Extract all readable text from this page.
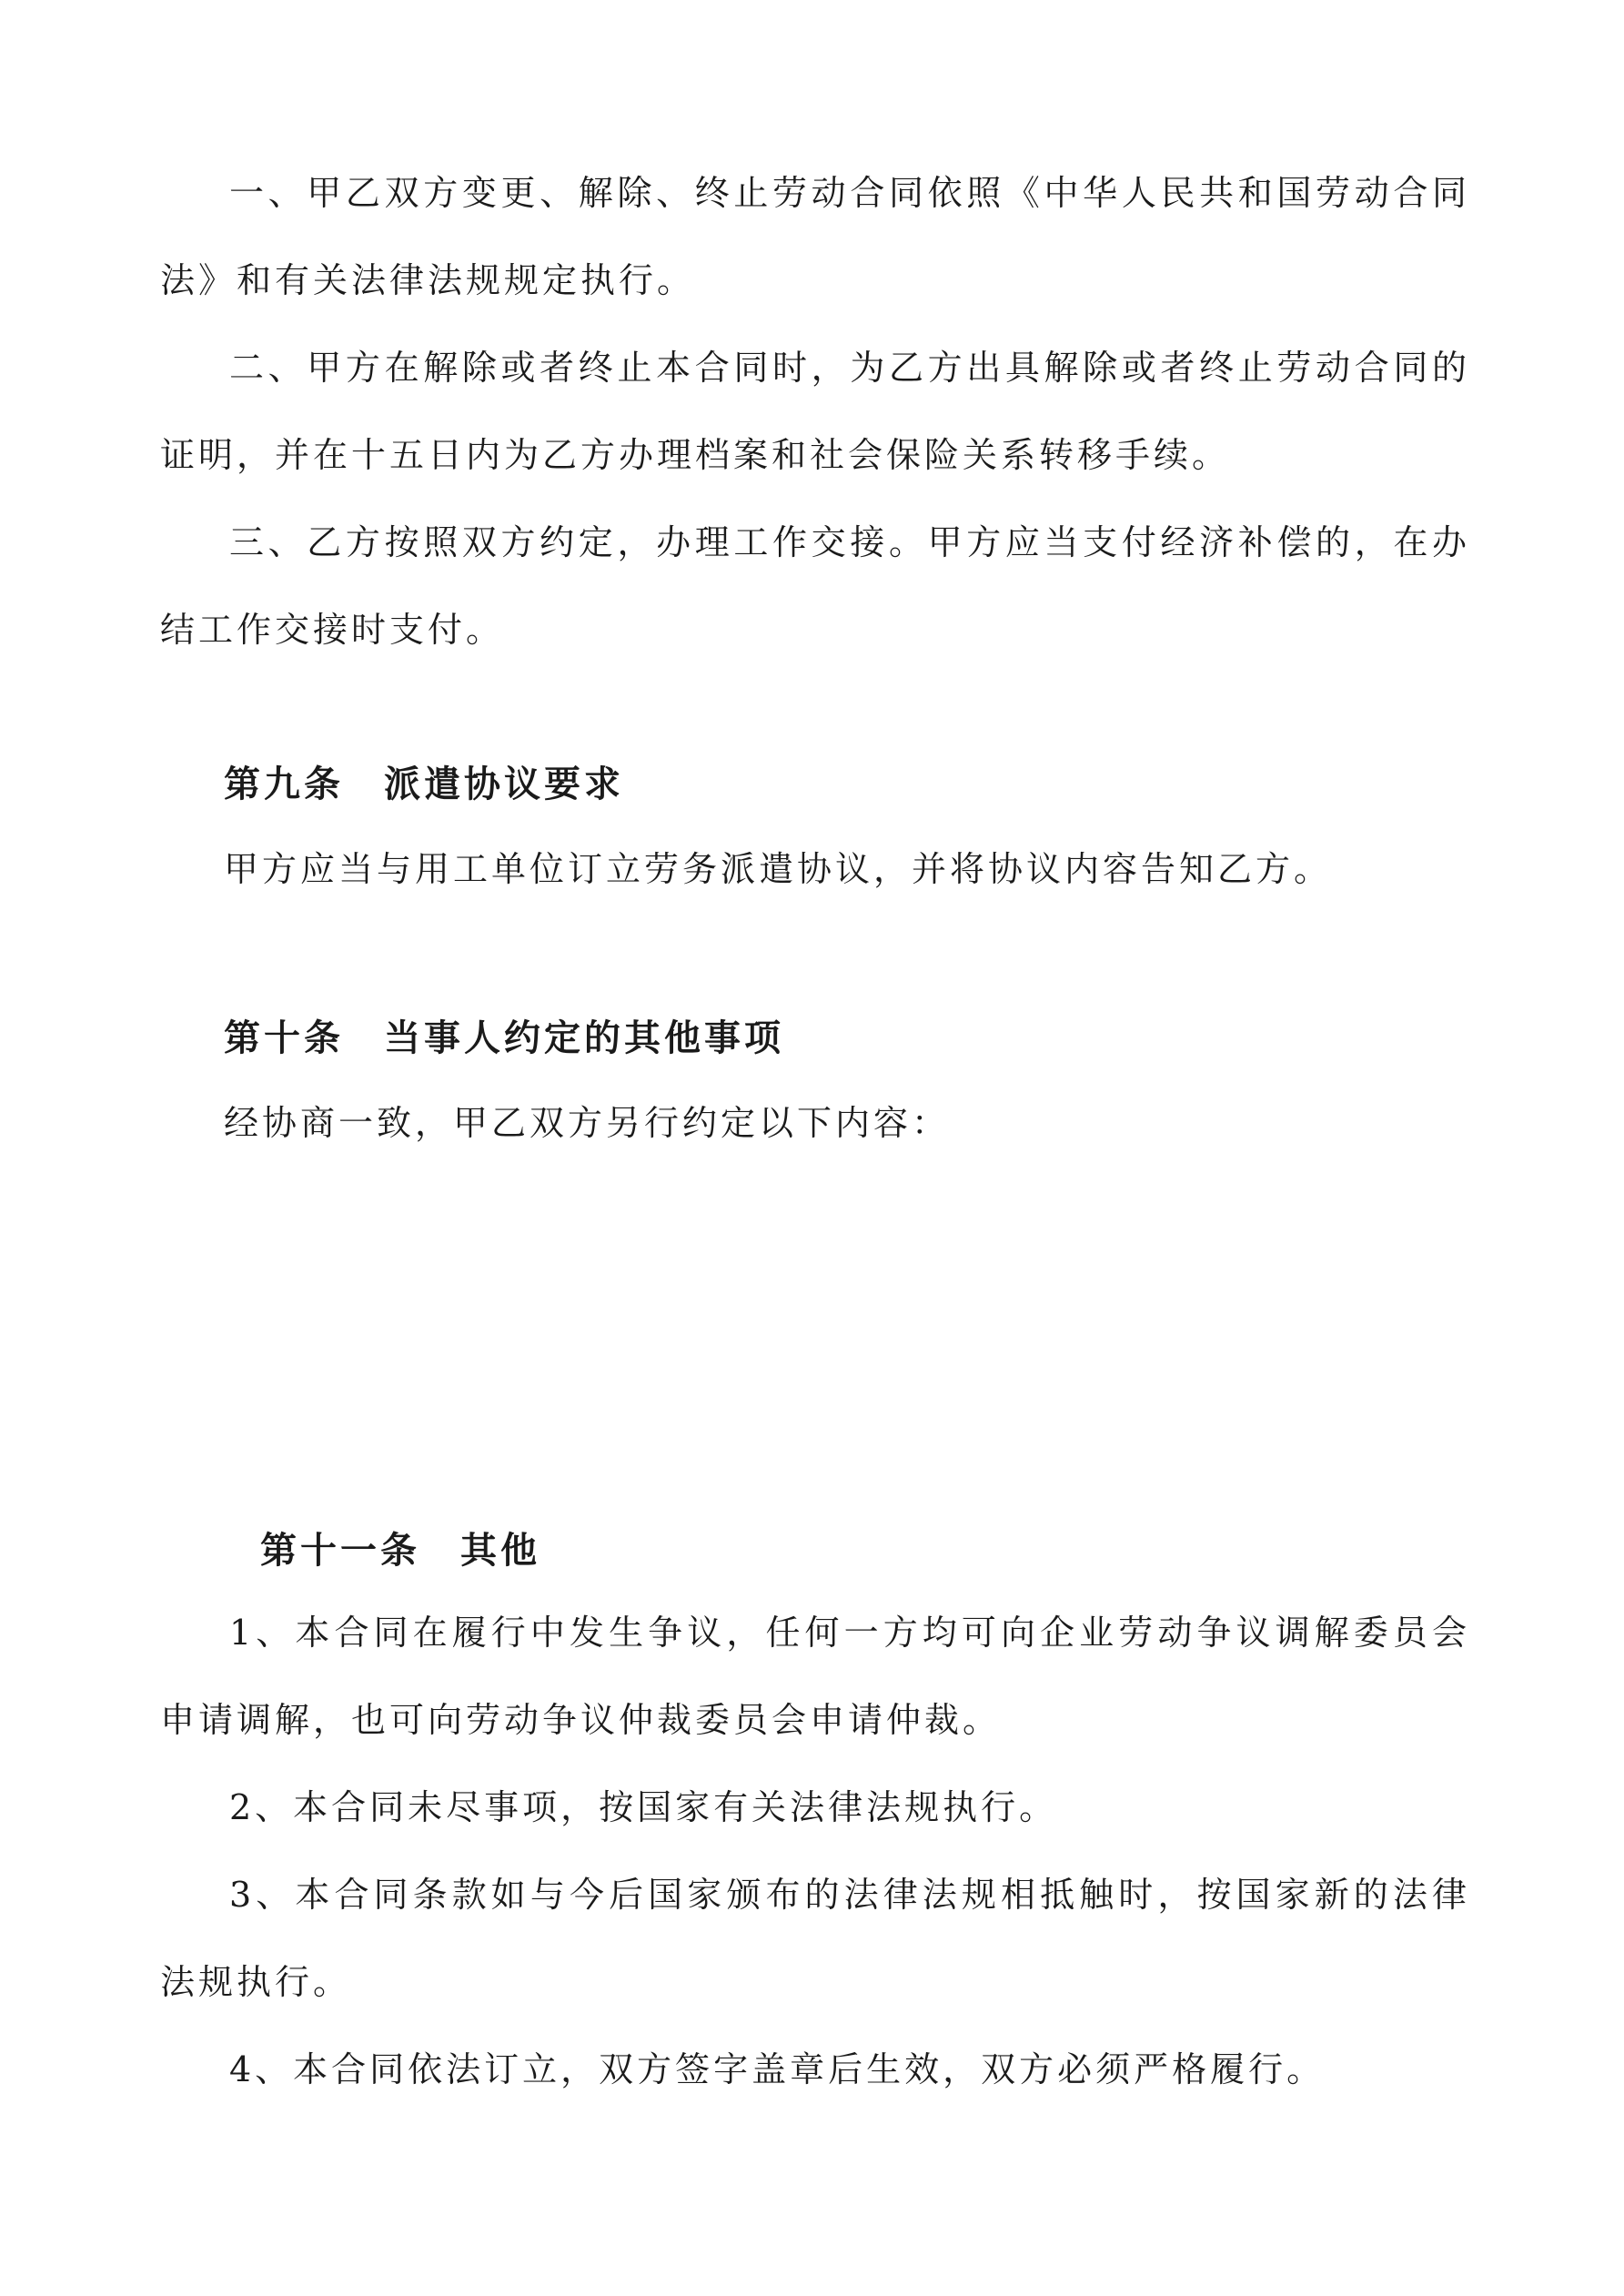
一、甲乙双方变更、解除、终止劳动合同依照《中华人民共和国劳动合同法》和有关法律法规规定执行。

二、甲方在解除或者终止本合同时，为乙方出具解除或者终止劳动合同的证明，并在十五日内为乙方办理档案和社会保险关系转移手续。

三、乙方按照双方约定，办理工作交接。甲方应当支付经济补偿的，在办结工作交接时支付。

第九条　派遣协议要求
甲方应当与用工单位订立劳务派遣协议，并将协议内容告知乙方。
第十条　当事人约定的其他事项
经协商一致，甲乙双方另行约定以下内容：
第十一条　其他

1、本合同在履行中发生争议，任何一方均可向企业劳动争议调解委员会申请调解，也可向劳动争议仲裁委员会申请仲裁。

2、本合同未尽事项，按国家有关法律法规执行。

3、本合同条款如与今后国家颁布的法律法规相抵触时，按国家新的法律法规执行。

4、本合同依法订立，双方签字盖章后生效，双方必须严格履行。
